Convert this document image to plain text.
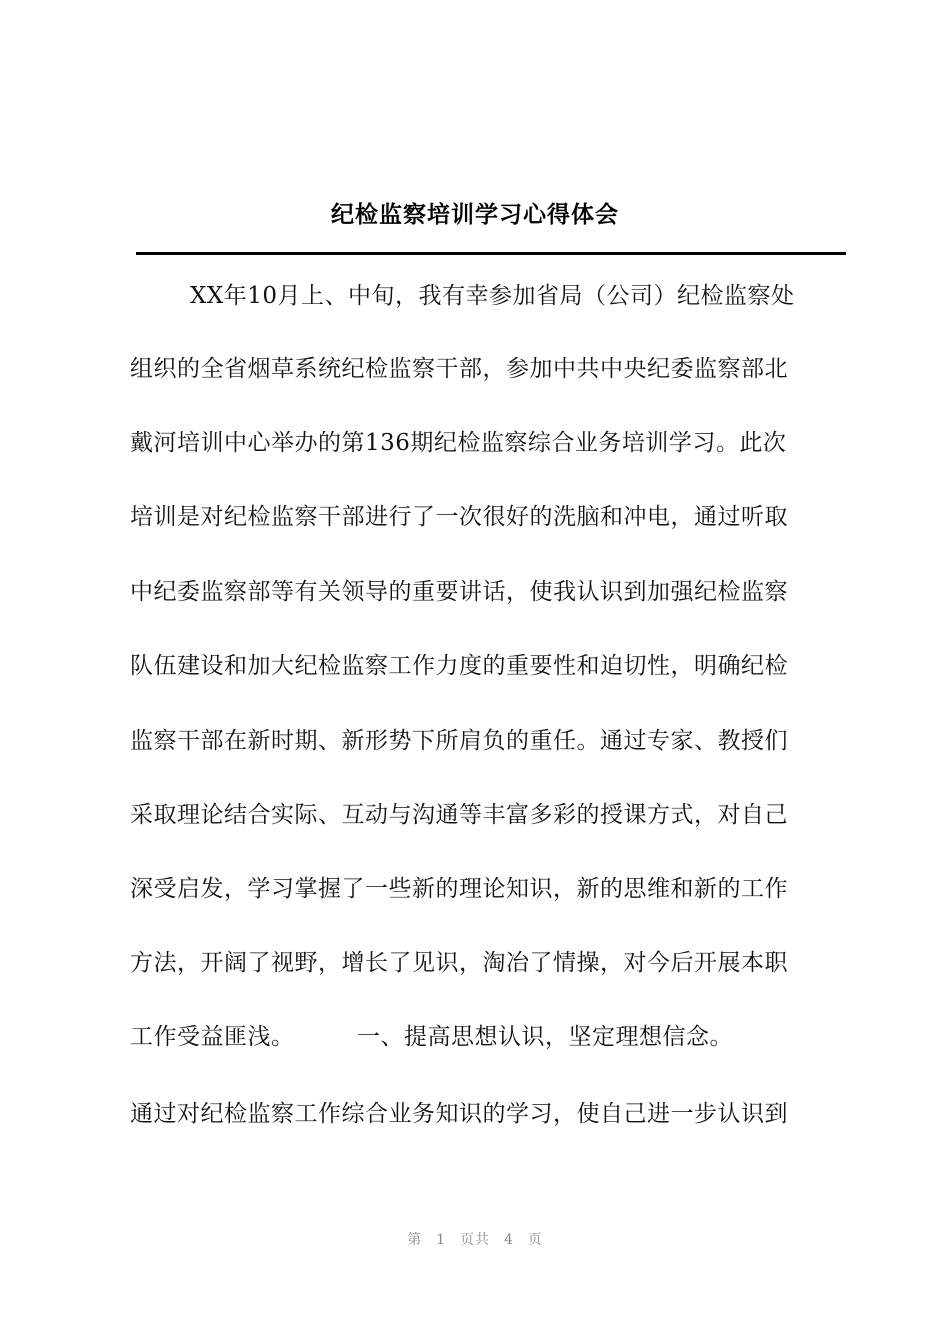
纪检监察培训学习心得体会
XX年10月上、中旬，我有幸参加省局（公司）纪检监察处
组织的全省烟草系统纪检监察干部，参加中共中央纪委监察部北
戴河培训中心举办的第136期纪检监察综合业务培训学习。此次
培训是对纪检监察干部进行了一次很好的洗脑和冲电，通过听取
中纪委监察部等有关领导的重要讲话，使我认识到加强纪检监察
队伍建设和加大纪检监察工作力度的重要性和迫切性，明确纪检
监察干部在新时期、新形势下所肩负的重任。通过专家、教授们
采取理论结合实际、互动与沟通等丰富多彩的授课方式，对自己
深受启发，学习掌握了一些新的理论知识，新的思维和新的工作
方法，开阔了视野，增长了见识，淘冶了情操，对今后开展本职
工作受益匪浅。        一、提高思想认识，坚定理想信念。
通过对纪检监察工作综合业务知识的学习，使自己进一步认识到
第 1 页共 4 页
